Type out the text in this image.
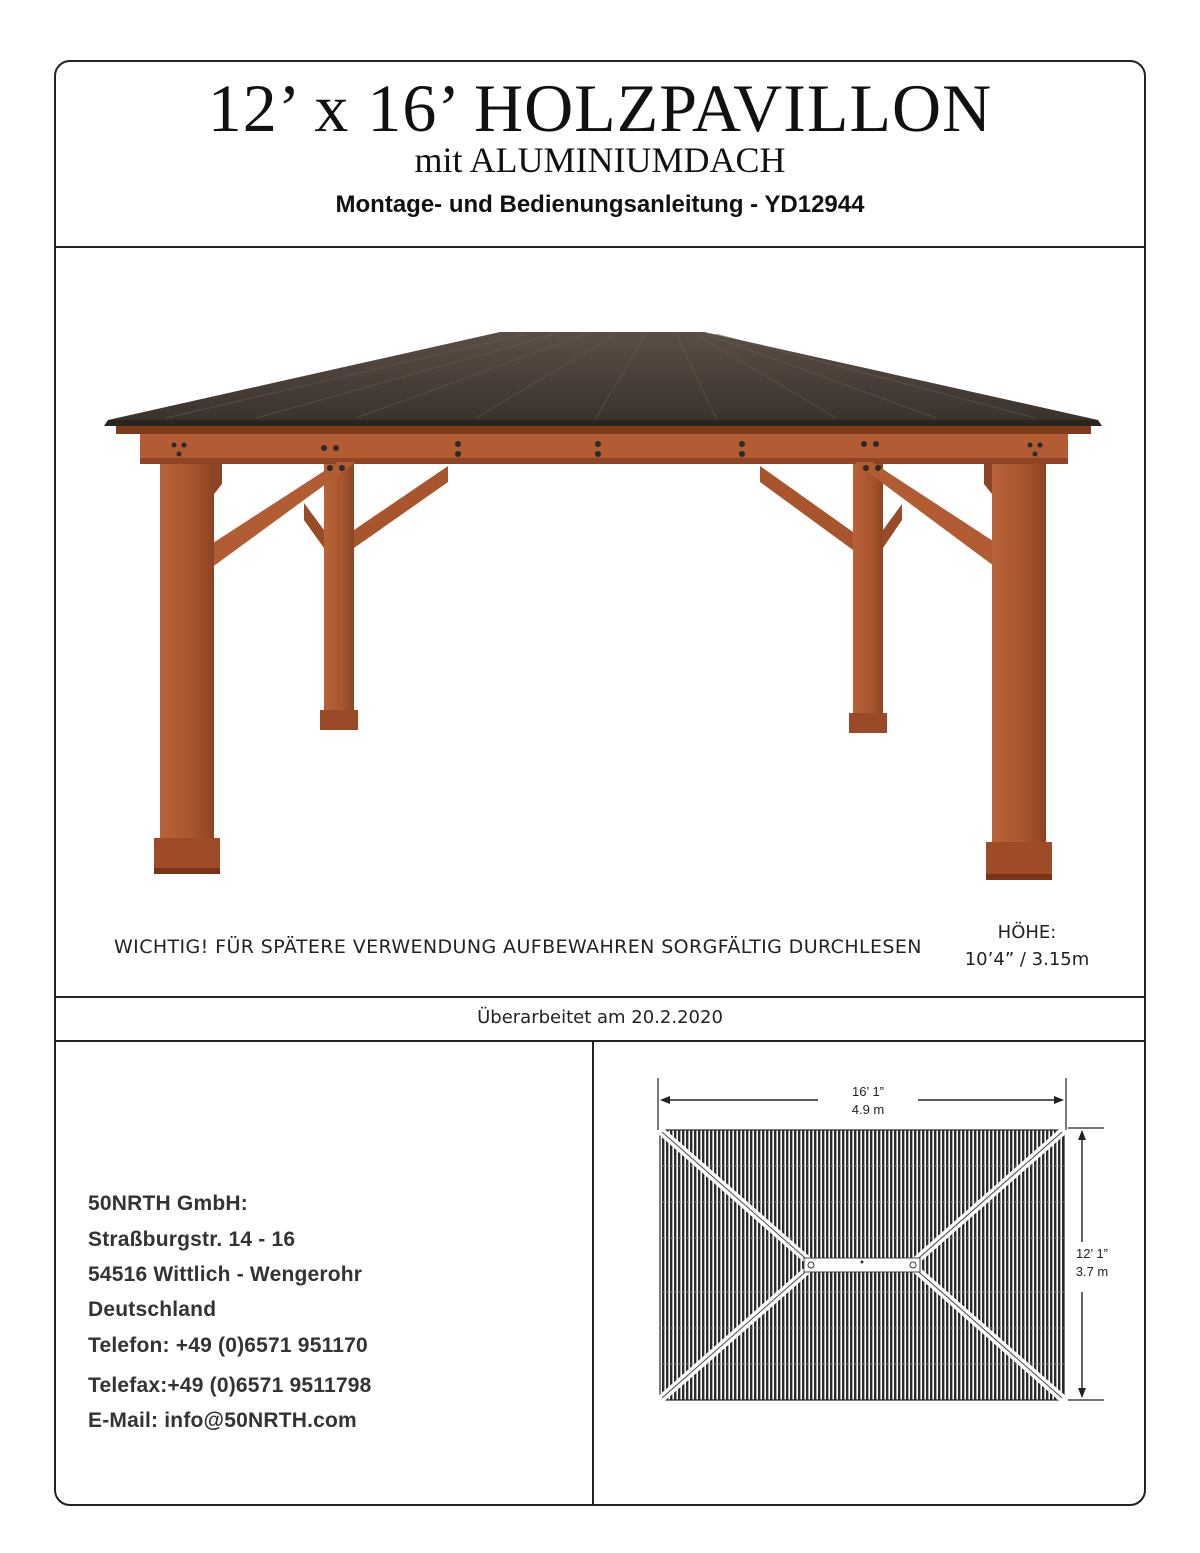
12’ x 16’ HOLZPAVILLON
mit ALUMINIUMDACH
Montage- und Bedienungsanleitung - YD12944
WICHTIG! FÜR SPÄTERE VERWENDUNG AUFBEWAHREN SORGFÄLTIG DURCHLESEN
HÖHE:
10’4” / 3.15m
Überarbeitet am 20.2.2020
50NRTH GmbH:
Straßburgstr. 14 - 16
54516 Wittlich - Wengerohr
Deutschland
Telefon: +49 (0)6571 951170
Telefax:+49 (0)6571 9511798
E-Mail: info@50NRTH.com
16’ 1”
4.9 m
12’ 1”
3.7 m
